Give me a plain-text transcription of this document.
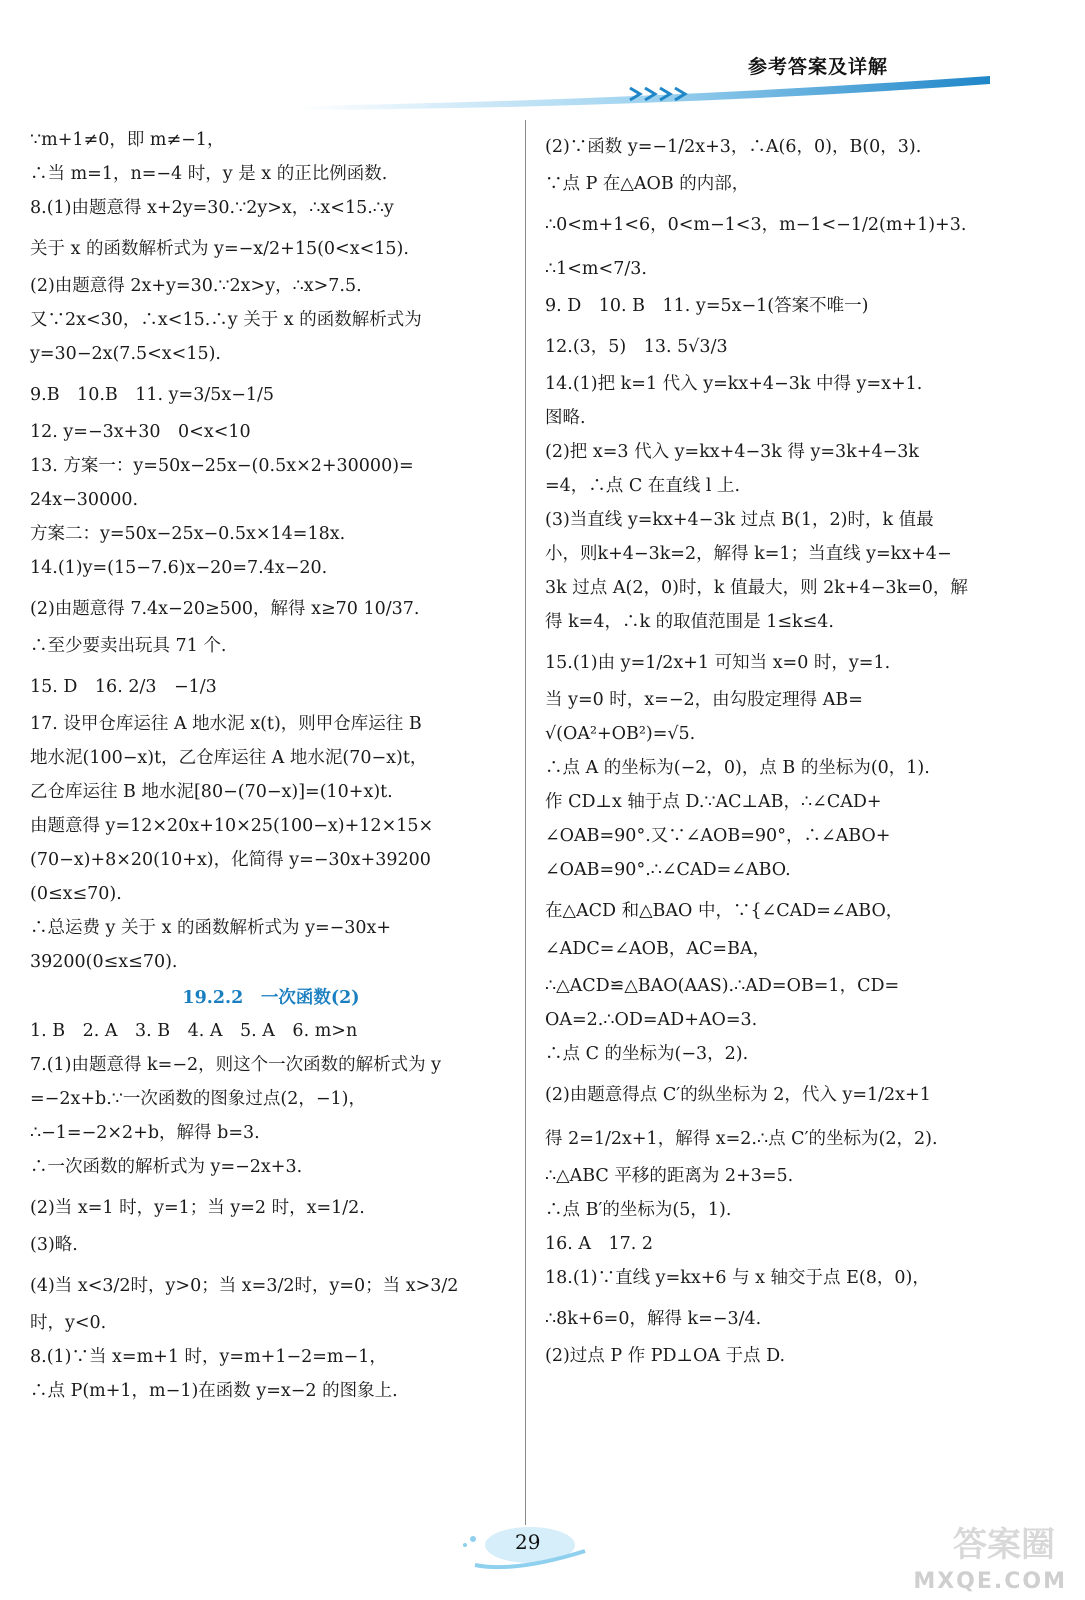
参考答案及详解
∵m+1≠0，即 m≠−1，
∴当 m=1，n=−4 时，y 是 x 的正比例函数.
8.(1)由题意得 x+2y=30.∵2y>x，∴x<15.∴y
关于 x 的函数解析式为 y=−x/2+15(0<x<15).
(2)由题意得 2x+y=30.∵2x>y，∴x>7.5.
又∵2x<30，∴x<15.∴y 关于 x 的函数解析式为
y=30−2x(7.5<x<15).
9.B　10.B　11. y=3/5x−1/5
12. y=−3x+30　0<x<10
13. 方案一：y=50x−25x−(0.5x×2+30000)=
24x−30000.
方案二：y=50x−25x−0.5x×14=18x.
14.(1)y=(15−7.6)x−20=7.4x−20.
(2)由题意得 7.4x−20≥500，解得 x≥70 10/37.
∴至少要卖出玩具 71 个.
15. D　16. 2/3　−1/3
17. 设甲仓库运往 A 地水泥 x(t)，则甲仓库运往 B
地水泥(100−x)t，乙仓库运往 A 地水泥(70−x)t，
乙仓库运往 B 地水泥[80−(70−x)]=(10+x)t.
由题意得 y=12×20x+10×25(100−x)+12×15×
(70−x)+8×20(10+x)，化简得 y=−30x+39200
(0≤x≤70).
∴总运费 y 关于 x 的函数解析式为 y=−30x+
39200(0≤x≤70).
19.2.2　一次函数(2)
1. B　2. A　3. B　4. A　5. A　6. m>n
7.(1)由题意得 k=−2，则这个一次函数的解析式为 y
=−2x+b.∵一次函数的图象过点(2，−1)，
∴−1=−2×2+b，解得 b=3.
∴一次函数的解析式为 y=−2x+3.
(2)当 x=1 时，y=1；当 y=2 时，x=1/2.
(3)略.
(4)当 x<3/2时，y>0；当 x=3/2时，y=0；当 x>3/2
时，y<0.
8.(1)∵当 x=m+1 时，y=m+1−2=m−1，
∴点 P(m+1，m−1)在函数 y=x−2 的图象上.
(2)∵函数 y=−1/2x+3，∴A(6，0)，B(0，3).
∵点 P 在△AOB 的内部，
∴0<m+1<6，0<m−1<3，m−1<−1/2(m+1)+3.
∴1<m<7/3.
9. D　10. B　11. y=5x−1(答案不唯一)
12.(3，5)　13. 5√3/3
14.(1)把 k=1 代入 y=kx+4−3k 中得 y=x+1.
图略.
(2)把 x=3 代入 y=kx+4−3k 得 y=3k+4−3k
=4，∴点 C 在直线 l 上.
(3)当直线 y=kx+4−3k 过点 B(1，2)时，k 值最
小，则k+4−3k=2，解得 k=1；当直线 y=kx+4−
3k 过点 A(2，0)时，k 值最大，则 2k+4−3k=0，解
得 k=4，∴k 的取值范围是 1≤k≤4.
15.(1)由 y=1/2x+1 可知当 x=0 时，y=1.
当 y=0 时，x=−2，由勾股定理得 AB=
√(OA²+OB²)=√5.
∴点 A 的坐标为(−2，0)，点 B 的坐标为(0，1).
作 CD⊥x 轴于点 D.∵AC⊥AB，∴∠CAD+
∠OAB=90°.又∵∠AOB=90°，∴∠ABO+
∠OAB=90°.∴∠CAD=∠ABO.
在△ACD 和△BAO 中，∵{∠CAD=∠ABO，∠ADC=∠AOB，AC=BA，
∴△ACD≌△BAO(AAS).∴AD=OB=1，CD=
OA=2.∴OD=AD+AO=3.
∴点 C 的坐标为(−3，2).
(2)由题意得点 C′的纵坐标为 2，代入 y=1/2x+1
得 2=1/2x+1，解得 x=2.∴点 C′的坐标为(2，2).
∴△ABC 平移的距离为 2+3=5.
∴点 B′的坐标为(5，1).
16. A　17. 2
18.(1)∵直线 y=kx+6 与 x 轴交于点 E(8，0)，
∴8k+6=0，解得 k=−3/4.
(2)过点 P 作 PD⊥OA 于点 D.
29	答案圈
MXQE.COM
